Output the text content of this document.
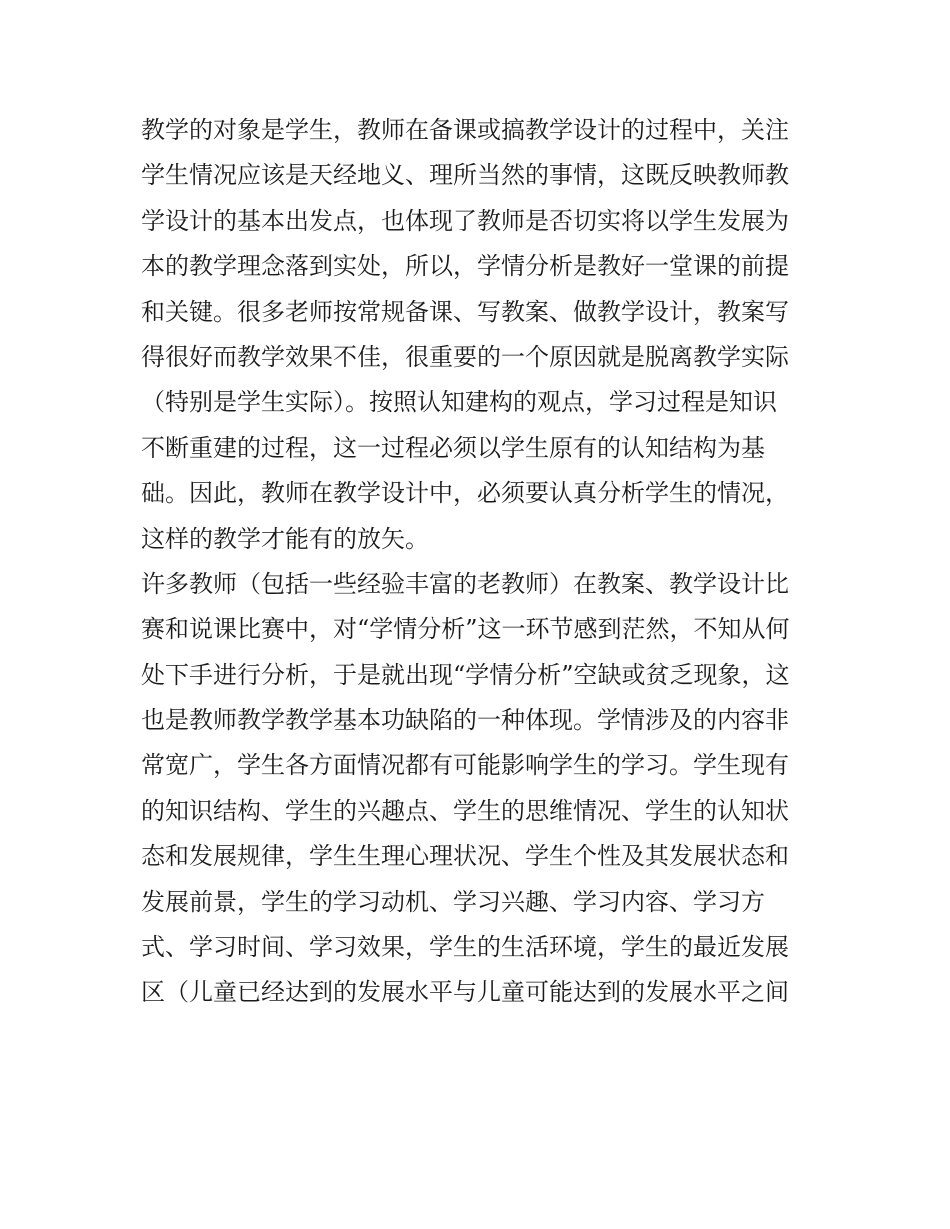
教学的对象是学生，教师在备课或搞教学设计的过程中，关注
学生情况应该是天经地义、理所当然的事情，这既反映教师教
学设计的基本出发点，也体现了教师是否切实将以学生发展为
本的教学理念落到实处，所以，学情分析是教好一堂课的前提
和关键。很多老师按常规备课、写教案、做教学设计，教案写
得很好而教学效果不佳，很重要的一个原因就是脱离教学实际
（特别是学生实际）。按照认知建构的观点，学习过程是知识
不断重建的过程，这一过程必须以学生原有的认知结构为基
础。因此，教师在教学设计中，必须要认真分析学生的情况，
这样的教学才能有的放矢。
许多教师（包括一些经验丰富的老教师）在教案、教学设计比
赛和说课比赛中，对“学情分析”这一环节感到茫然，不知从何
处下手进行分析，于是就出现“学情分析”空缺或贫乏现象，这
也是教师教学教学基本功缺陷的一种体现。学情涉及的内容非
常宽广，学生各方面情况都有可能影响学生的学习。学生现有
的知识结构、学生的兴趣点、学生的思维情况、学生的认知状
态和发展规律，学生生理心理状况、学生个性及其发展状态和
发展前景，学生的学习动机、学习兴趣、学习内容、学习方
式、学习时间、学习效果，学生的生活环境，学生的最近发展
区（儿童已经达到的发展水平与儿童可能达到的发展水平之间
